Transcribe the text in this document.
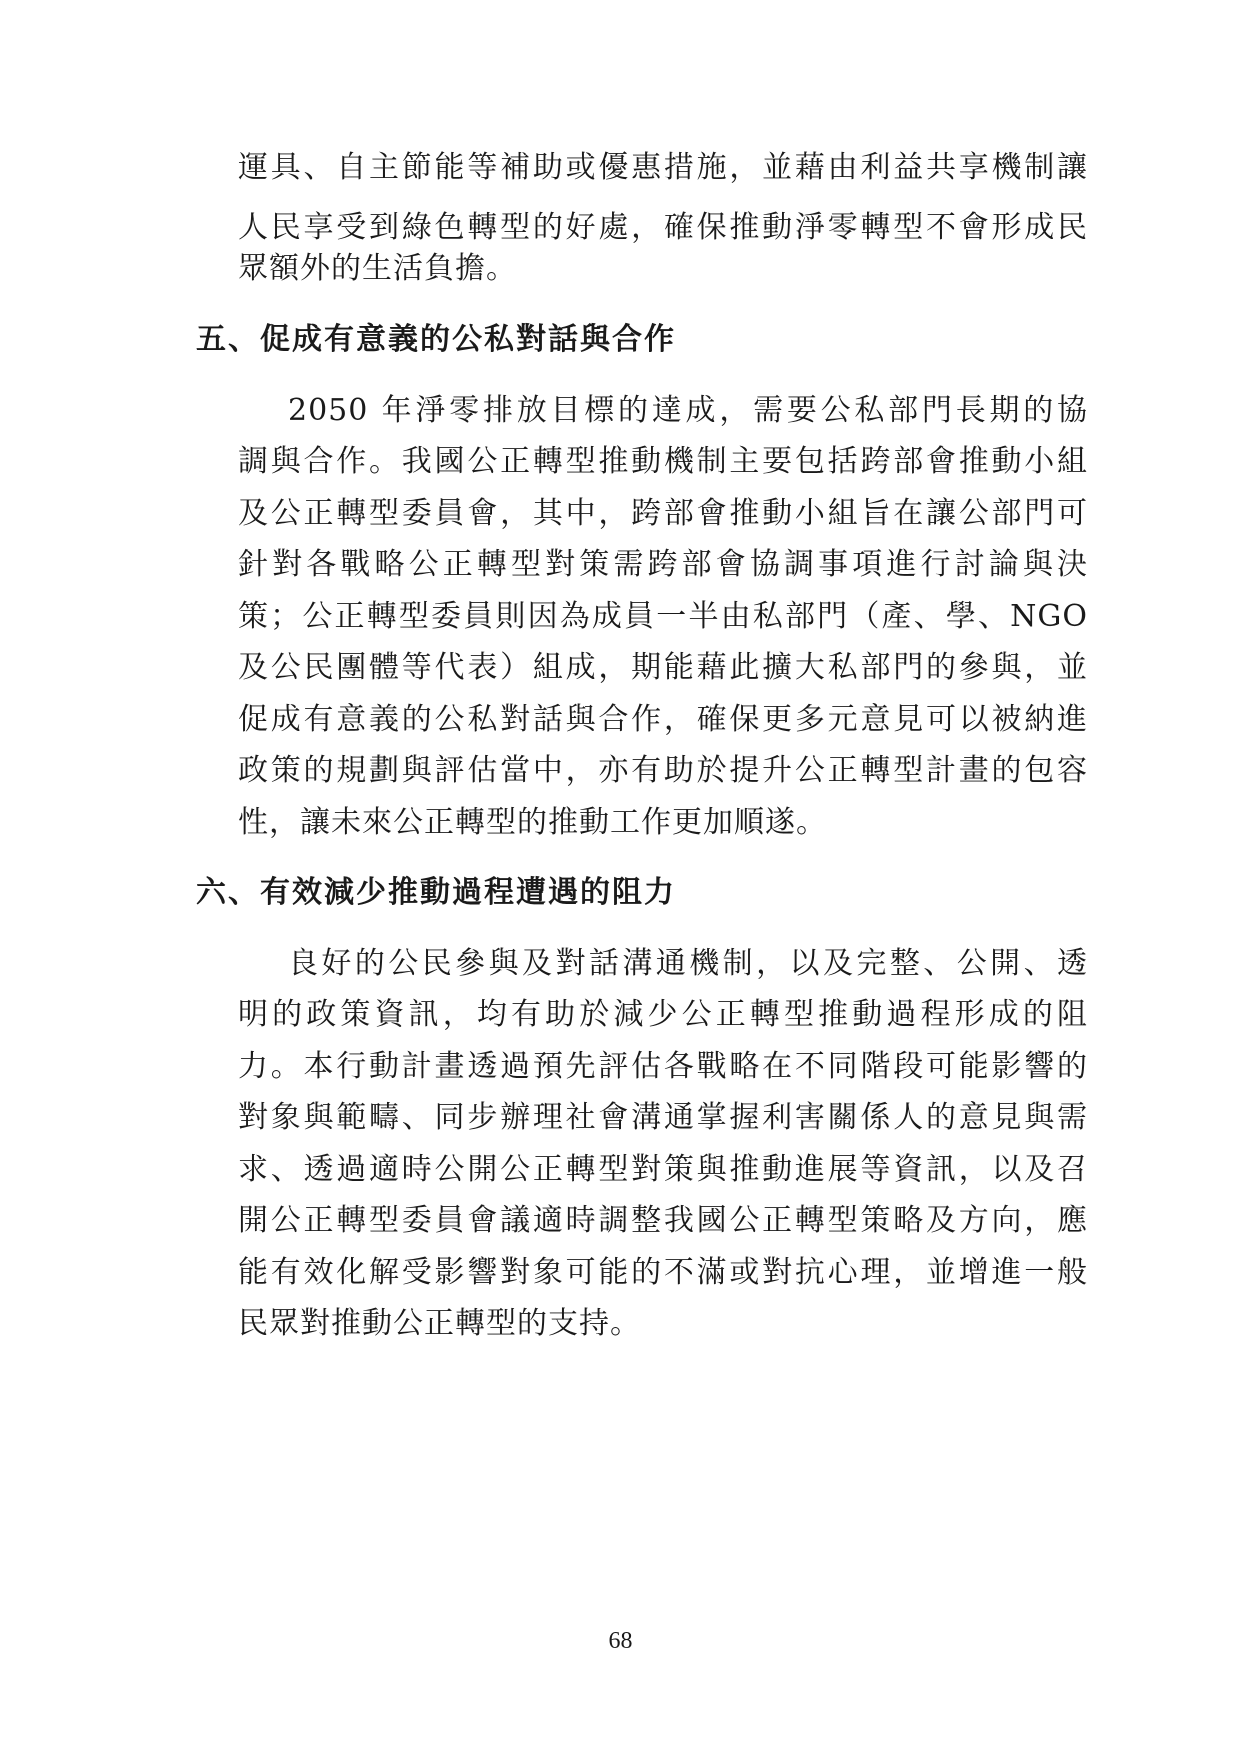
運具、自主節能等補助或優惠措施，並藉由利益共享機制讓
人民享受到綠色轉型的好處，確保推動淨零轉型不會形成民
眾額外的生活負擔。
五、促成有意義的公私對話與合作
2050 年淨零排放目標的達成，需要公私部門長期的協
調與合作。我國公正轉型推動機制主要包括跨部會推動小組
及公正轉型委員會，其中，跨部會推動小組旨在讓公部門可
針對各戰略公正轉型對策需跨部會協調事項進行討論與決
策；公正轉型委員則因為成員一半由私部門（產、學、NGO
及公民團體等代表）組成，期能藉此擴大私部門的參與，並
促成有意義的公私對話與合作，確保更多元意見可以被納進
政策的規劃與評估當中，亦有助於提升公正轉型計畫的包容
性，讓未來公正轉型的推動工作更加順遂。
六、有效減少推動過程遭遇的阻力
良好的公民參與及對話溝通機制，以及完整、公開、透
明的政策資訊，均有助於減少公正轉型推動過程形成的阻
力。本行動計畫透過預先評估各戰略在不同階段可能影響的
對象與範疇、同步辦理社會溝通掌握利害關係人的意見與需
求、透過適時公開公正轉型對策與推動進展等資訊，以及召
開公正轉型委員會議適時調整我國公正轉型策略及方向，應
能有效化解受影響對象可能的不滿或對抗心理，並增進一般
民眾對推動公正轉型的支持。
68
